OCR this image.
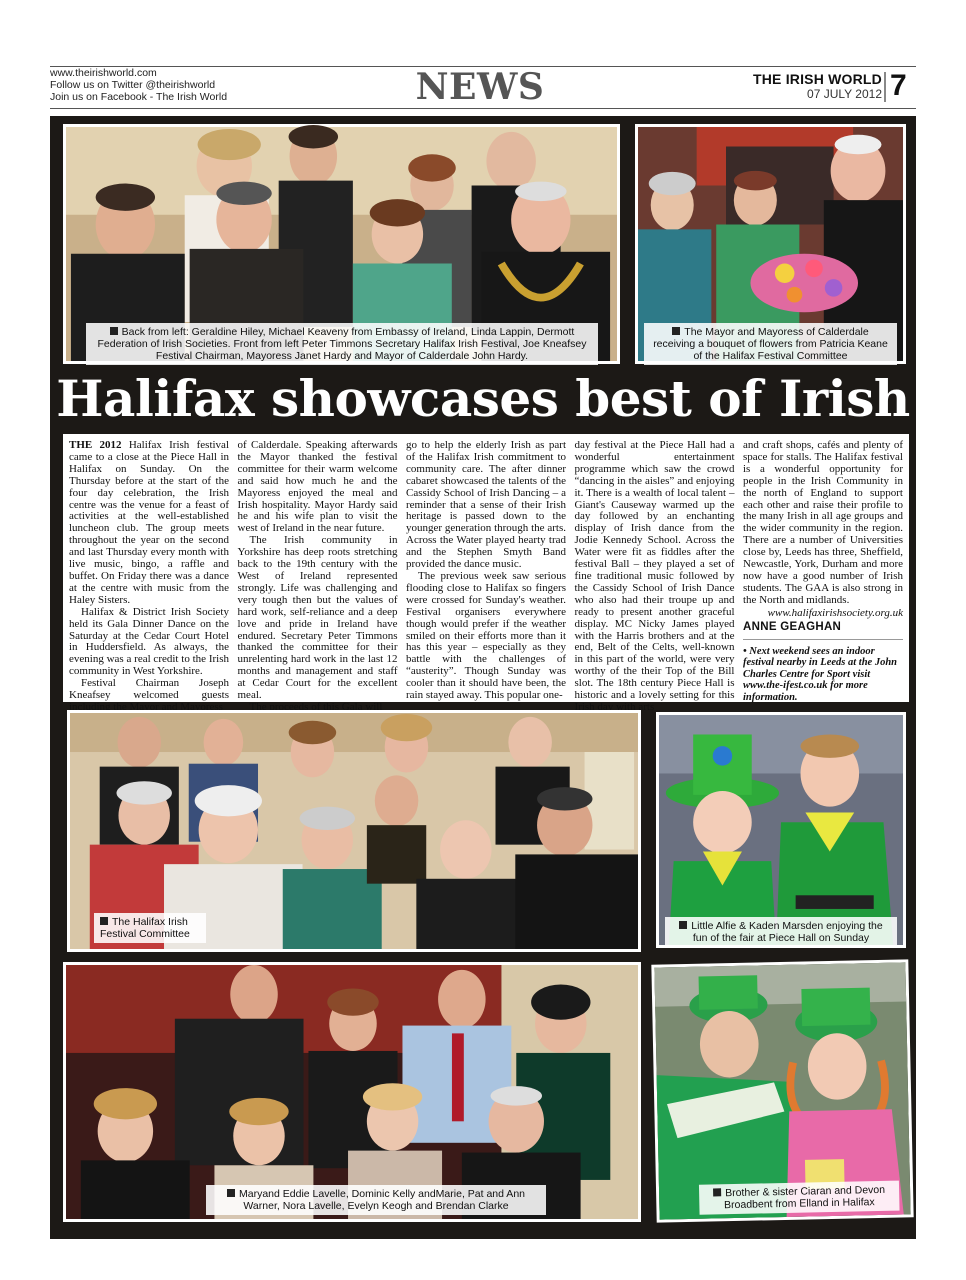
www.theirishworld.com
Follow us on Twitter @theirishworld
Join us on Facebook - The Irish World	NEWS	THE IRISH WORLD
07 JULY 2012 7
Back from left: Geraldine Hiley, Michael Keaveny from Embassy of Ireland, Linda Lappin, Dermott Federation of Irish Societies. Front from left Peter Timmons Secretary Halifax Irish Festival, Joe Kneafsey Festival Chairman, Mayoress Janet Hardy and Mayor of Calderdale John Hardy.
The Mayor and Mayoress of Calderdale receiving a bouquet of flowers from Patricia Keane of the Halifax Festival Committee
Halifax showcases best of Irish

THE 2012 Halifax Irish festival came to a close at the Piece Hall in Halifax on Sunday. On the Thursday before at the start of the four day celebration, the Irish centre was the venue for a feast of activities at the well-established luncheon club. The group meets throughout the year on the second and last Thursday every month with live music, bingo, a raffle and buffet. On Friday there was a dance at the centre with music from the Haley Sisters.

Halifax & District Irish Society held its Gala Dinner Dance on the Saturday at the Cedar Court Hotel in Huddersfield. As always, the evening was a real credit to the Irish community in West Yorkshire.

Festival Chairman Joseph Kneafsey welcomed guests including the Mayor and Mayoress

of Calderdale. Speaking afterwards the Mayor thanked the festival committee for their warm welcome and said how much he and the Mayoress enjoyed the meal and Irish hospitality. Mayor Hardy said he and his wife plan to visit the west of Ireland in the near future.

The Irish community in Yorkshire has deep roots stretching back to the 19th century with the West of Ireland represented strongly. Life was challenging and very tough then but the values of hard work, self-reliance and a deep love and pride in Ireland have endured. Secretary Peter Timmons thanked the committee for their unrelenting hard work in the last 12 months and management and staff at Cedar Court for the excellent meal.

The proceeds of this Gala will

go to help the elderly Irish as part of the Halifax Irish commitment to community care. The after dinner cabaret showcased the talents of the Cassidy School of Irish Dancing – a reminder that a sense of their Irish heritage is passed down to the younger generation through the arts. Across the Water played hearty trad and the Stephen Smyth Band provided the dance music.

The previous week saw serious flooding close to Halifax so fingers were crossed for Sunday's weather. Festival organisers everywhere though would prefer if the weather smiled on their efforts more than it has this year – especially as they battle with the challenges of “austerity”. Though Sunday was cooler than it should have been, the rain stayed away. This popular one-

day festival at the Piece Hall had a wonderful entertainment programme which saw the crowd “dancing in the aisles” and enjoying it. There is a wealth of local talent – Giant's Causeway warmed up the day followed by an enchanting display of Irish dance from the Jodie Kennedy School. Across the Water were fit as fiddles after the festival Ball – they played a set of fine traditional music followed by the Cassidy School of Irish Dance who also had their troupe up and ready to present another graceful display. MC Nicky James played with the Harris brothers and at the end, Belt of the Celts, well-known in this part of the world, were very worthy of the their Top of the Bill slot. The 18th century Piece Hall is historic and a lovely setting for this Irish day with arts

and craft shops, cafés and plenty of space for stalls. The Halifax festival is a wonderful opportunity for people in the Irish Community in the north of England to support each other and raise their profile to the many Irish in all age groups and the wider community in the region. There are a number of Universities close by, Leeds has three, Sheffield, Newcastle, York, Durham and more now have a good number of Irish students. The GAA is also strong in the North and midlands.

www.halifaxirishsociety.org.uk
ANNE GEAGHAN
• Next weekend sees an indoor festival nearby in Leeds at the John Charles Centre for Sport visit www.the-ifest.co.uk for more information.
The Halifax Irish Festival Committee
Little Alfie & Kaden Marsden enjoying the fun of the fair at Piece Hall on Sunday
Maryand Eddie Lavelle, Dominic Kelly andMarie, Pat and Ann Warner, Nora Lavelle, Evelyn Keogh and Brendan Clarke
Brother & sister Ciaran and Devon Broadbent from Elland in Halifax
